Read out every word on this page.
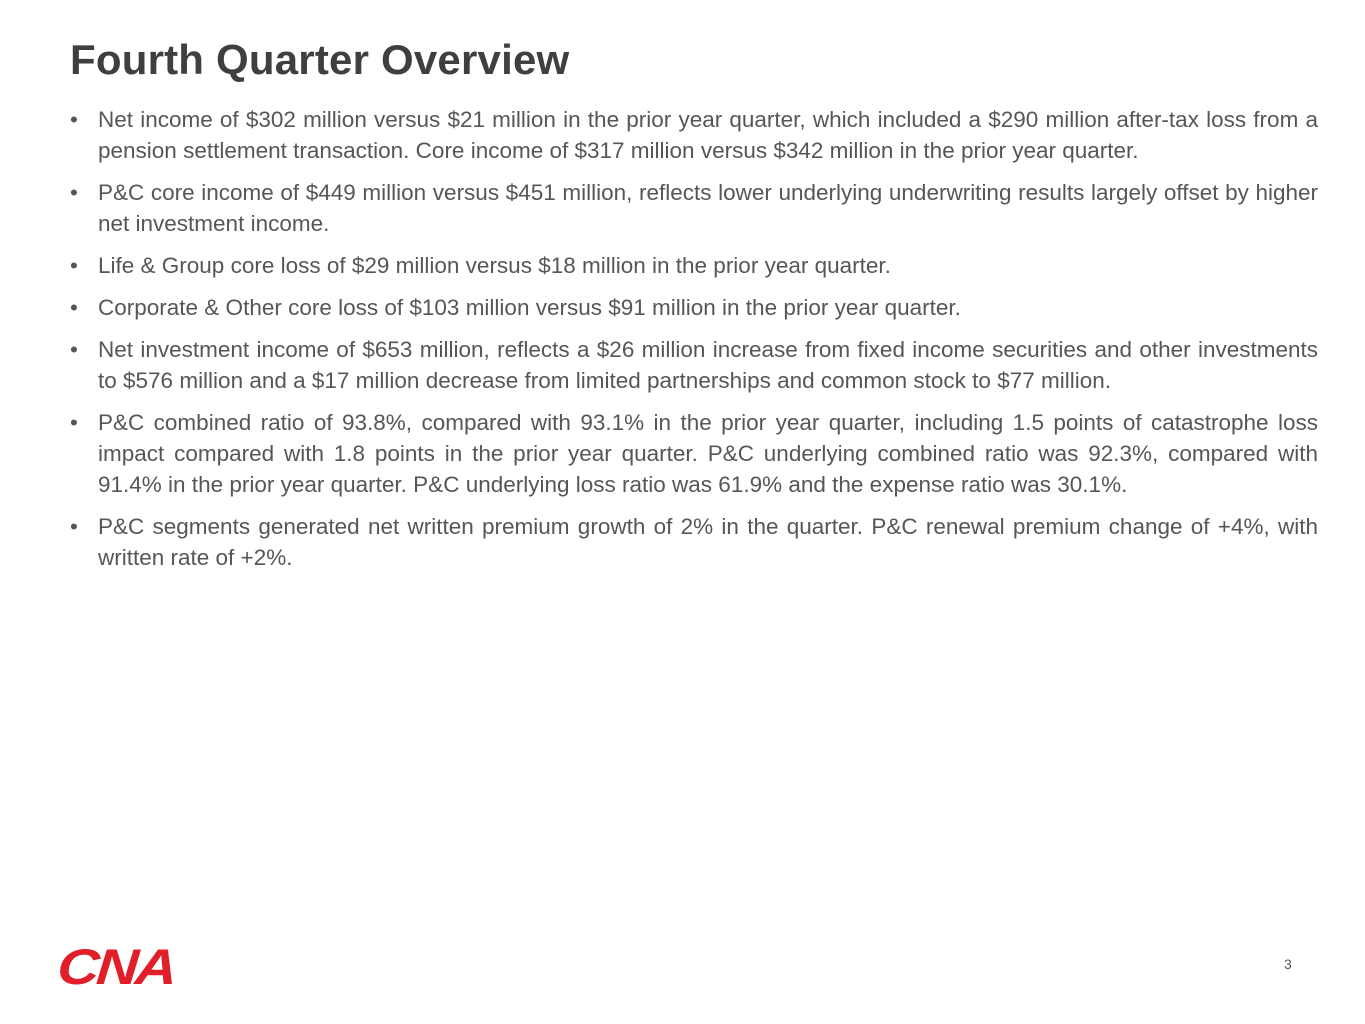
Fourth Quarter Overview
• Net income of $302 million versus $21 million in the prior year quarter, which included a $290 million after-tax loss from a pension settlement transaction. Core income of $317 million versus $342 million in the prior year quarter.
• P&C core income of $449 million versus $451 million, reflects lower underlying underwriting results largely offset by higher net investment income.
• Life & Group core loss of $29 million versus $18 million in the prior year quarter.
• Corporate & Other core loss of $103 million versus $91 million in the prior year quarter.
• Net investment income of $653 million, reflects a $26 million increase from fixed income securities and other investments to $576 million and a $17 million decrease from limited partnerships and common stock to $77 million.
• P&C combined ratio of 93.8%, compared with 93.1% in the prior year quarter, including 1.5 points of catastrophe loss impact compared with 1.8 points in the prior year quarter. P&C underlying combined ratio was 92.3%, compared with 91.4% in the prior year quarter. P&C underlying loss ratio was 61.9% and the expense ratio was 30.1%.
• P&C segments generated net written premium growth of 2% in the quarter. P&C renewal premium change of +4%, with written rate of +2%.
CNA	3
